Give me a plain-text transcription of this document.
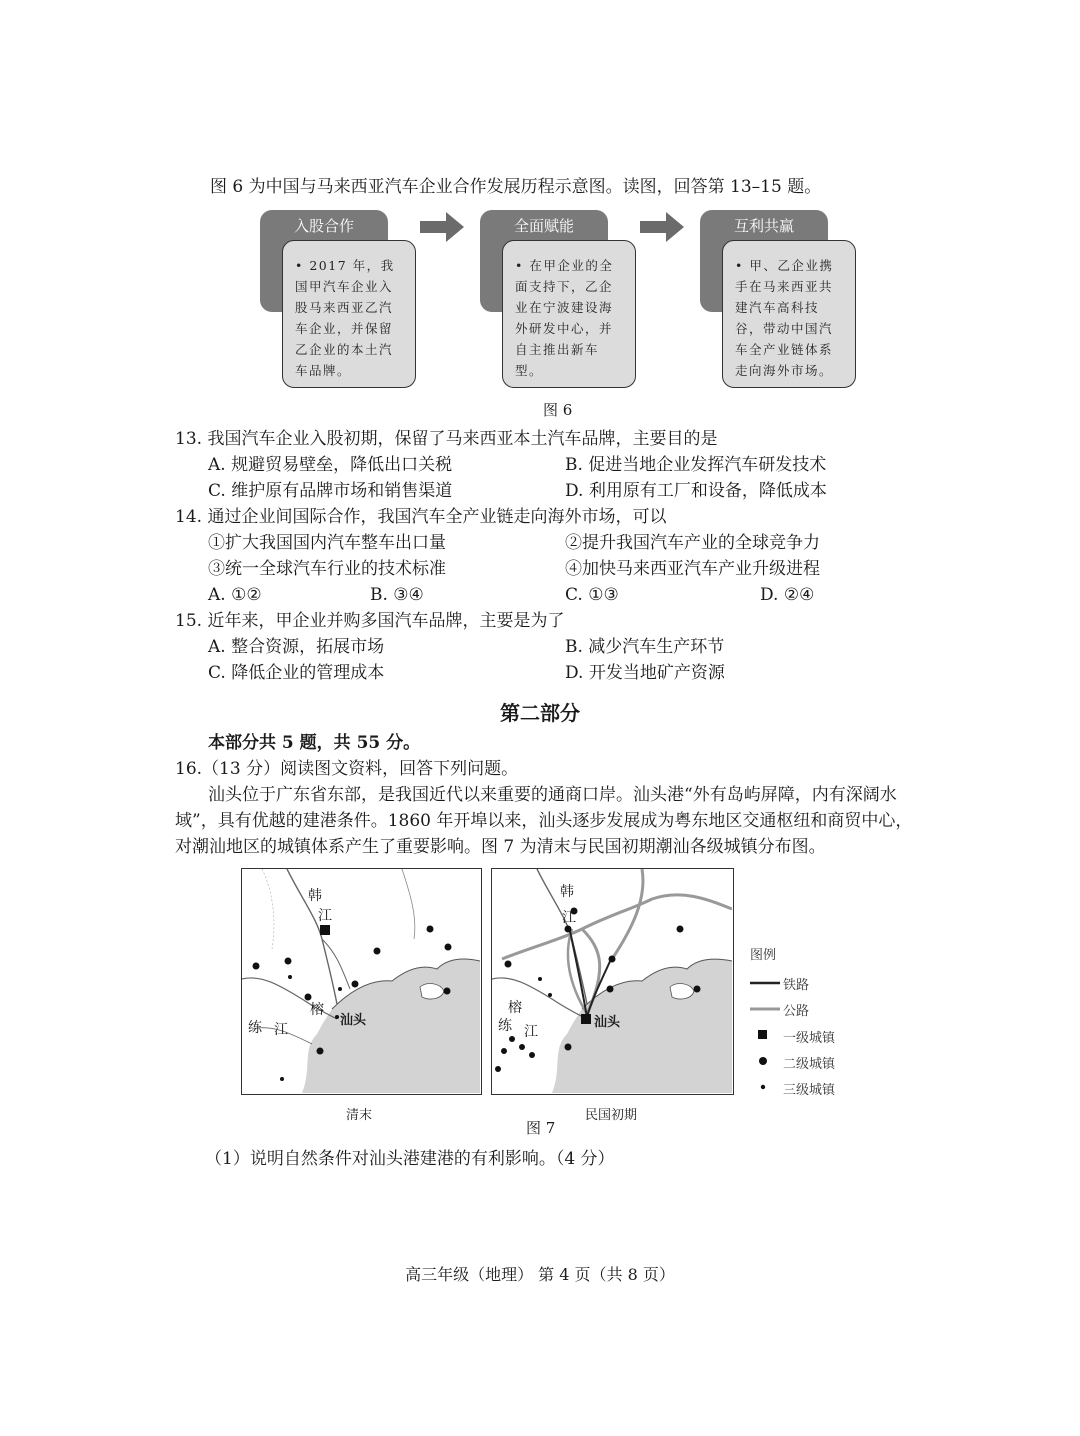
图 6 为中国与马来西亚汽车企业合作发展历程示意图。读图，回答第 13–15 题。
入股合作
• 2017 年，我国甲汽车企业入股马来西亚乙汽车企业，并保留乙企业的本土汽车品牌。
全面赋能
• 在甲企业的全面支持下，乙企业在宁波建设海外研发中心，并自主推出新车型。
互利共赢
• 甲、乙企业携手在马来西亚共建汽车高科技谷，带动中国汽车全产业链体系走向海外市场。
图 6
13. 我国汽车企业入股初期，保留了马来西亚本土汽车品牌，主要目的是
A. 规避贸易壁垒，降低出口关税	B. 促进当地企业发挥汽车研发技术
C. 维护原有品牌市场和销售渠道	D. 利用原有工厂和设备，降低成本
14. 通过企业间国际合作，我国汽车全产业链走向海外市场，可以
①扩大我国国内汽车整车出口量	②提升我国汽车产业的全球竞争力
③统一全球汽车行业的技术标准	④加快马来西亚汽车产业升级进程
A. ①②	B. ③④	C. ①③	D. ②④
15. 近年来，甲企业并购多国汽车品牌，主要是为了
A. 整合资源，拓展市场	B. 减少汽车生产环节
C. 降低企业的管理成本	D. 开发当地矿产资源
第二部分
本部分共 5 题，共 55 分。
16.（13 分）阅读图文资料，回答下列问题。
汕头位于广东省东部，是我国近代以来重要的通商口岸。汕头港“外有岛屿屏障，内有深阔水
域”，具有优越的建港条件。1860 年开埠以来，汕头逐步发展成为粤东地区交通枢纽和商贸中心，
对潮汕地区的城镇体系产生了重要影响。图 7 为清末与民国初期潮汕各级城镇分布图。
韩
江
榕
练 江
汕头
韩
江
榕
练 江
汕头
图例
铁路
公路
一级城镇
二级城镇
三级城镇
清末	民国初期
图 7
（1）说明自然条件对汕头港建港的有利影响。（4 分）
高三年级（地理） 第 4 页（共 8 页）
